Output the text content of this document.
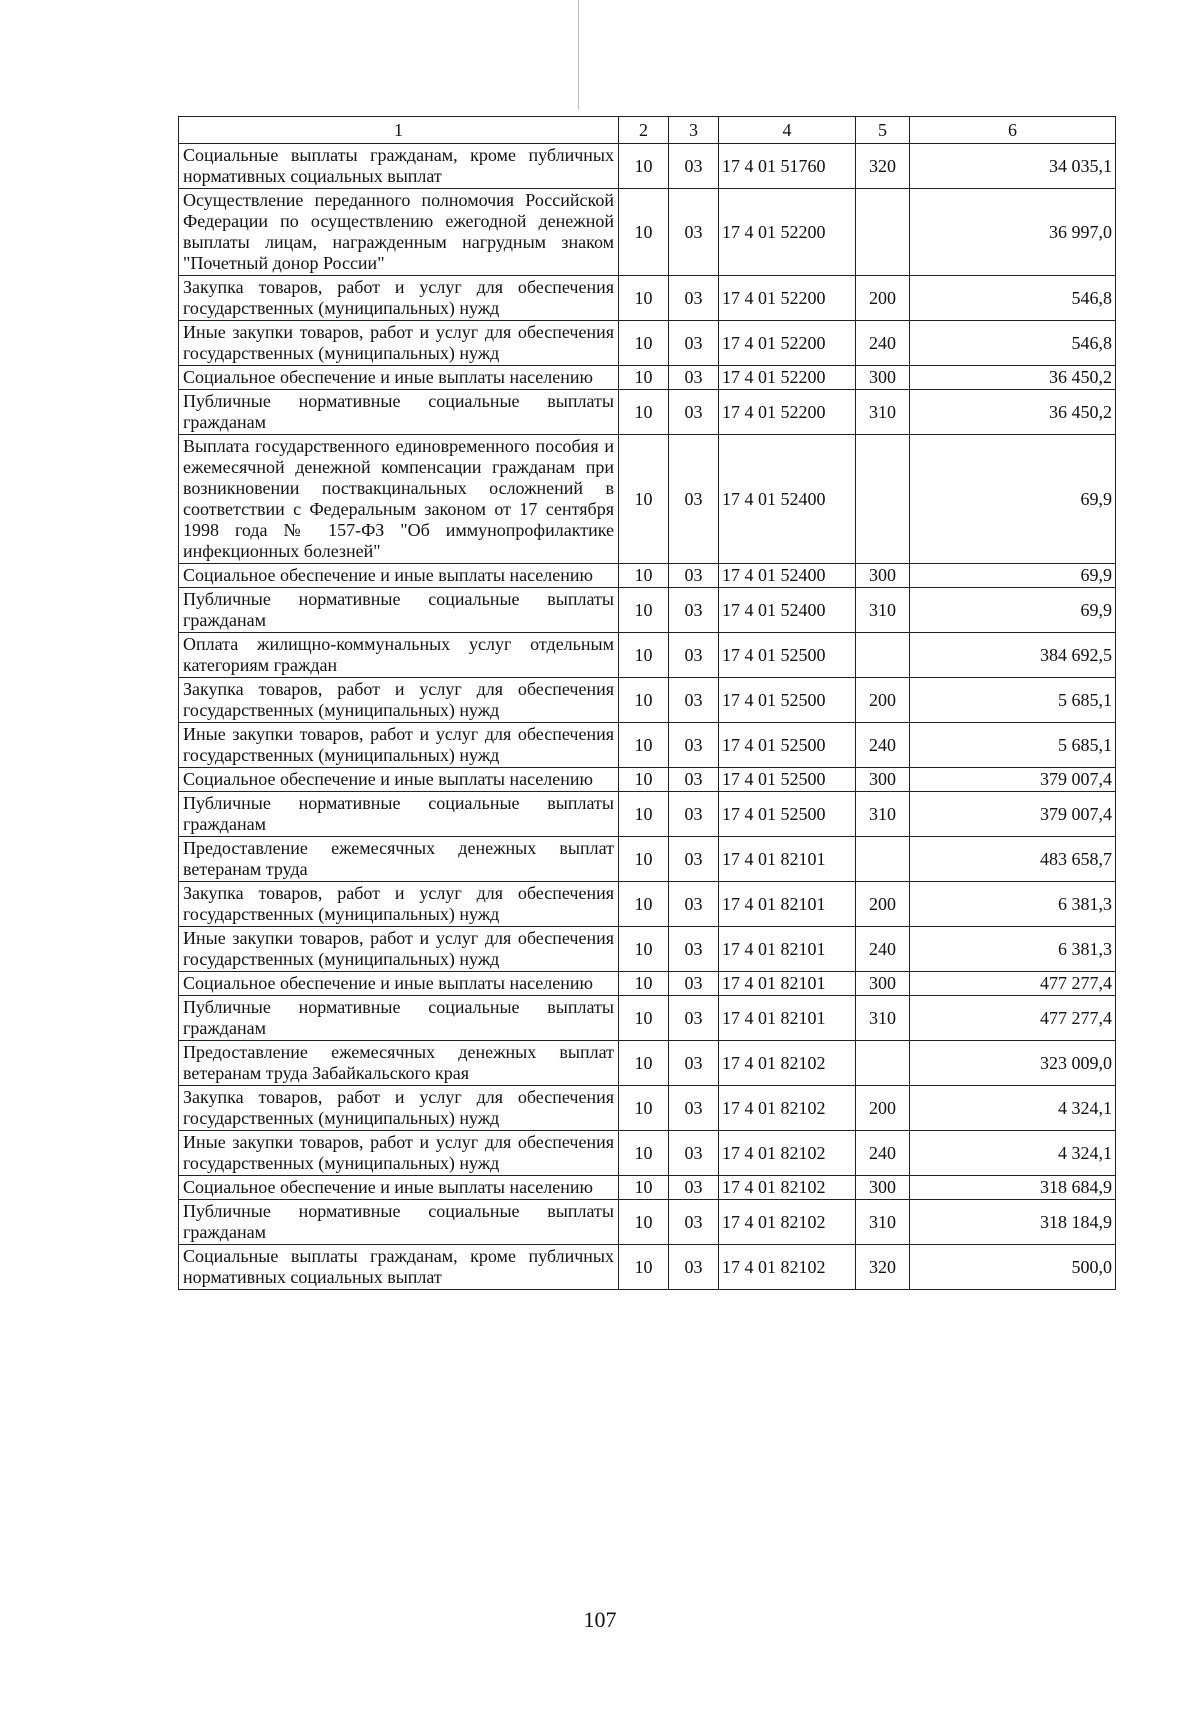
1	2	3	4	5	6
Социальные выплаты гражданам, кроме публичных нормативных социальных выплат	10	03	17 4 01 51760	320	34 035,1
Осуществление переданного полномочия Российской Федерации по осуществлению ежегодной денежной выплаты лицам, награжденным нагрудным знаком "Почетный донор России"	10	03	17 4 01 52200		36 997,0
Закупка товаров, работ и услуг для обеспечения государственных (муниципальных) нужд	10	03	17 4 01 52200	200	546,8
Иные закупки товаров, работ и услуг для обеспечения государственных (муниципальных) нужд	10	03	17 4 01 52200	240	546,8
Социальное обеспечение и иные выплаты населению	10	03	17 4 01 52200	300	36 450,2
Публичные нормативные социальные выплаты гражданам	10	03	17 4 01 52200	310	36 450,2
Выплата государственного единовременного пособия и ежемесячной денежной компенсации гражданам при возникновении поствакцинальных осложнений в соответствии с Федеральным законом от 17 сентября 1998 года № 157-ФЗ "Об иммунопрофилактике инфекционных болезней"	10	03	17 4 01 52400		69,9
Социальное обеспечение и иные выплаты населению	10	03	17 4 01 52400	300	69,9
Публичные нормативные социальные выплаты гражданам	10	03	17 4 01 52400	310	69,9
Оплата жилищно-коммунальных услуг отдельным категориям граждан	10	03	17 4 01 52500		384 692,5
Закупка товаров, работ и услуг для обеспечения государственных (муниципальных) нужд	10	03	17 4 01 52500	200	5 685,1
Иные закупки товаров, работ и услуг для обеспечения государственных (муниципальных) нужд	10	03	17 4 01 52500	240	5 685,1
Социальное обеспечение и иные выплаты населению	10	03	17 4 01 52500	300	379 007,4
Публичные нормативные социальные выплаты гражданам	10	03	17 4 01 52500	310	379 007,4
Предоставление ежемесячных денежных выплат ветеранам труда	10	03	17 4 01 82101		483 658,7
Закупка товаров, работ и услуг для обеспечения государственных (муниципальных) нужд	10	03	17 4 01 82101	200	6 381,3
Иные закупки товаров, работ и услуг для обеспечения государственных (муниципальных) нужд	10	03	17 4 01 82101	240	6 381,3
Социальное обеспечение и иные выплаты населению	10	03	17 4 01 82101	300	477 277,4
Публичные нормативные социальные выплаты гражданам	10	03	17 4 01 82101	310	477 277,4
Предоставление ежемесячных денежных выплат ветеранам труда Забайкальского края	10	03	17 4 01 82102		323 009,0
Закупка товаров, работ и услуг для обеспечения государственных (муниципальных) нужд	10	03	17 4 01 82102	200	4 324,1
Иные закупки товаров, работ и услуг для обеспечения государственных (муниципальных) нужд	10	03	17 4 01 82102	240	4 324,1
Социальное обеспечение и иные выплаты населению	10	03	17 4 01 82102	300	318 684,9
Публичные нормативные социальные выплаты гражданам	10	03	17 4 01 82102	310	318 184,9
Социальные выплаты гражданам, кроме публичных нормативных социальных выплат	10	03	17 4 01 82102	320	500,0
107
